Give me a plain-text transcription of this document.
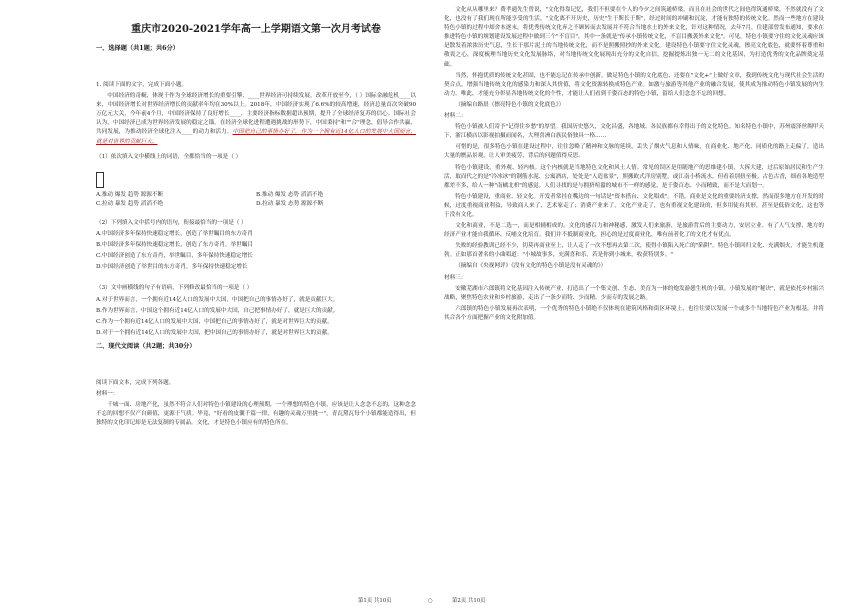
重庆市2020-2021学年高一上学期语文第一次月考试卷
一、选择题（共1题；共6分）

1. 阅读下面的文字，完成下面小题。

中国经济的奇崛，体现于作为全球经济增长的重要引擎，____世界经济可持续发展。改革开放至今，（ ）国际金融危机____以来，中国经济增长对世界经济增长的贡献率年均在30%以上。2018年，中国经济实现了6.6%的较高增速，经济总量首次突破90万亿元大关，今年前4个月，中国经济保持了良好增长____，主要经济指标数据超出预期，提升了全球经济复苏的信心。国际社会认为，中国经济已成为世界经济发展的稳定之锚。在经济全球化进程遭遇挑战的形势下，中国秉持"和""合"理念，倡导合作共赢、共同发展，为推动经济全球化注入____的动力和活力。中国把自己的事情办好了，作为一个拥有近14亿人口的发展中大国而言，就是对世界的贡献巨大。

（1）依次填入文中横线上的词语，全都恰当的一项是（ ）

A.推动 爆发 趋势 源源不断	B.推动 爆发 态势 滔滔不绝
C.拉动 暴发 趋势 滔滔不绝	D.拉动 暴发 态势 源源不断

（2）下列填入文中括号内的语句，衔接最恰当的一项是（ ）

A.中国经济多年保持快速稳定增长，创造了举世瞩目的东方奇肖

B.中国经济多年保持快速稳定增长，创造了东方奇肖，举世瞩目

C.中国经济创造了东方奇肖，举世瞩目，多年保持快速稳定增长

D.中国经济创造了举世目的东方奇肖，多年保持快速稳定增长

（3）文中画横线的句子有语病，下列修改最恰当的一项是（ ）

A.对于世界而言，一个拥有近14亿人口的发展中大国，中国把自己的事情办好了，就是贡献巨大。

B.作为世界而言，中国这个拥有近14亿人口的发展中大国，自己把事情办好了，就是巨大的贡献。

C.作为一个拥有近14亿人口的发展中大国，中国把自己的事情办好了，就是对世界巨大的贡献。

D.对于一个拥有近14亿人口的发展中大国，把中国自己的事情办好了，就是对世界巨大的贡献。

二、现代文阅读（共2题；共30分）

阅读下面文本，完成下列各题。

材料一：

千城一面、房地产化，虽然不符合人们对特色小镇建设的心理预期，一个理想的特色小镇，应该是让人念念不忘的，这种念念不忘的回想不仅产自颜值，更源于气质。毕竟，"好看的皮囊千篇一律，有趣的灵魂万里挑一"，青瓦黛瓦每个小镇都能造得出，但独特的文化印记却是无法复制的专属品。文化，才是特色小镇应有的特色所在。

文化从从哪里来？费孝通先生曾说，"文化得靠记忆，我们不但要在个人的今夕之间筑通桥梁，而且在社会的世代之间也得筑通桥梁，不然就没有了文化，也没有了我们现在所能享受的生活。"文化离不开历史，历史"生于斯长于斯"，经过时间的冲刷和沉淀，才能有独特的传统文化。然而一些地方在建设特色小镇的过程中却舍本逐末，将优秀传统文化弃之不顾转而去发展并不符合当地水土的外来文化，针对这种情况，去年7月，住建部曾发布通知，要求在推进特色小镇的规划建设发展过程中做到三个"不盲目"，其中一条就是"传承小镇传统文化，不盲目搬袭外来文化"。可见，特色小镇要守住的文化灵魂应该是散发着浓浓历史气息，生长于那片泥土的当地传统文化，而不是照搬照抄的外来文化。建设特色小镇要守住文化灵魂，擦亮文化底色，就要怀着尊重和敬畏之心，深度梳理当地历史文化发展脉络，对当地传统文化展现出充分的文化自信，挖掘提炼出独一无二的文化基因，为打造优秀的文化品牌奠定基础。

当然，怀抱优质的传统文化甚固，也不能忘记在传承中创新。做足特色小镇的文化底色，还要在"文化+"上做好文章，我到传统文化与现代社会生活的契合点，增强当地传统文化的感染力和深入其价值，将文化资源转换成特色产业。如激与旅游等其他产业的融合发展，使其成为推动特色小镇发展的内生动力。唯此，才能充分彰显各地传统文化的个性，才能让人们看到千姿百态的特色小镇，留给人们念念不忘的回想。

（摘编自路晨《擦亮特色小镇的文化底色》）

材料二：

特色小镇被人们寄予"记得住乡愁"的厚望。我国历史悠久，文化昌盛，各地域、各民族都有幸得出于的文化特色。知名特色小镇中，苏州震泽丝绸甲天下，浙江横店以影视拍摄而闻名，大理喜洲白族民俗独具一格……

可惜的是，很多特色小镇在建设过程中，往往忽略了精神和文脉的延续，丢失了烟火气息和人情味，在商业化、地产化、同质化的路上走偏了，造出大量的赝品景观，让人审美疲劳，背后的问题值得反思。

特色小镇建设，重外观、轻内核。这个内核就是当地特色文化和风土人情。常见的误区是用随地产的思维建小镇，大拆大建，过后原始居民和生产生活，取而代之的是"冷冰冰"的钢筋水泥、公寓酒店，处处是"人造盆景"，照搬欧式洋房别墅，或江南小桥流水，但看着别扭至极。古色古香，细看各地造型都差不多，给人一种"南橘北枳"的感觉。人们寻找的是与拥挤喧嚣的城市不一样的感觉，是千姿百态、小而精致，而不是大而划一。

特色小镇建设，重商业、轻文化。开发者常挂在嘴边的一句话是"资本搭台、文化唱戏"。不错，商业是文化的重要经济支撑，然而很多地方在开发的时候，过度重视商业利益，导致商人来了，艺术家走了；消费产业来了，文化产业走了，也有重视文化建设的，但多用徒有其形，甚至是低俗文化，这也等于没有文化。

文化和商业，不是二选一，而是相辅相成的。文化的感召力和神秘感，激发人们来旅游，是旅游背后的主要动力，安居立业。有了人气支撑，地方的经济产业才能自我循环，反哺文化培育。我们并不抵制商业化，担心的是过度商业化，唯有前者化了的文化才有优点。

失败的经验教训已经不少，切莫再商业至上，让人走了一次不想再去第二次，使得小镇陷入死亡的"陷阱"。特色小镇回归文化、充满烟火，才能生机蓬勃。正如那首著名的小曲唱道："小城故事多，充满喜和乐，若是你到小城来，收获特别多。"

（摘编自《央视网评》《没有文化的特色小镇是没有灵魂的》）

材料三：

安徽芜湖市六郎镇将文化基因注入传统产业，打造出了一个集文创、生态、美育为一体的炮发游憩生机的小镇。小镇发展的"秘诀"，就是依托乡村振兴战略，聚焦特色农业和乡村旅游，走出了一条少而特、少而精、少而专的发展之路。

六郎镇的特色小镇发展再次表明，一个优秀的特色小镇绝不仅体现在建筑风格和街区环境上，也往往要以发展一个或多个当地特色产业为根基，并将其合各个方面把握产业的文化附加值。

第1页 共10页	○	第2页 共10页
